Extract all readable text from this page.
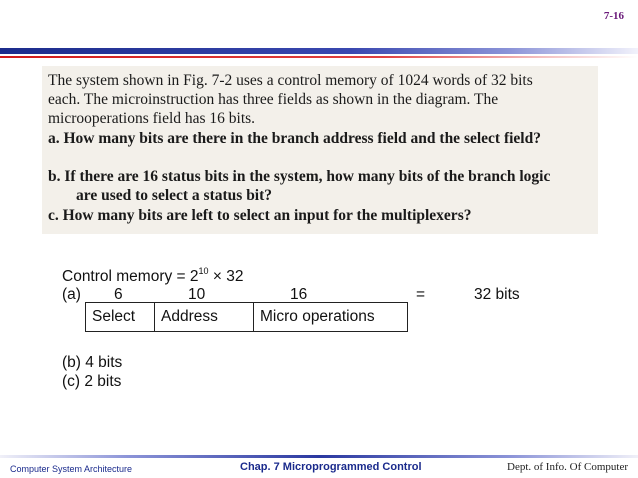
7-16

The system shown in Fig. 7-2 uses a control memory of 1024 words of 32 bits

each. The microinstruction has three fields as shown in the diagram. The

microoperations field has 16 bits.

a. How many bits are there in the branch address field and the select field?

b. If there are 16 status bits in the system, how many bits of the branch logic

are used to select a status bit?

c. How many bits are left to select an input for the multiplexers?

Control memory = $2^{10} \times 32$
(a) 6	10	16	=	32 bits
Select	Address	Micro operations
(b) 4 bits
(c) 2 bits
Computer System Architecture	Chap. 7 Microprogrammed Control	Dept. of Info. Of Computer
